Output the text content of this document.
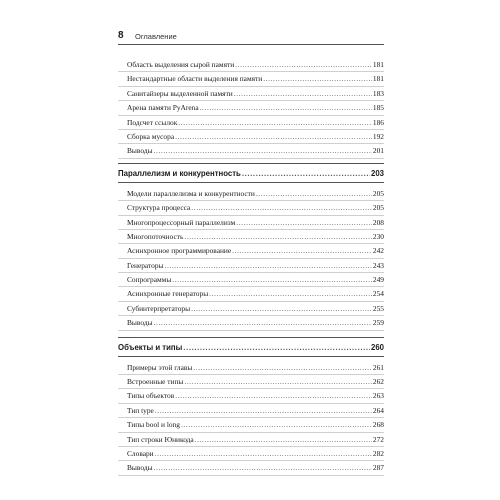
8 Оглавление
Область выделения сырой памяти .....	181
Нестандартные области выделения памяти .....	181
Санитайзеры выделенной памяти .....	183
Арена памяти PyArena .....	185
Подсчет ссылок .....	186
Сборка мусора .....	192
Выводы .....	201
Параллелизм и конкурентность .....	203
Модели параллелизма и конкурентности .....	205
Структура процесса .....	205
Многопроцессорный параллелизм .....	208
Многопоточность .....	230
Асинхронное программирование .....	242
Генераторы .....	243
Сопрограммы .....	249
Асинхронные генераторы .....	254
Субинтерпретаторы .....	255
Выводы .....	259
Объекты и типы .....	260
Примеры этой главы .....	261
Встроенные типы .....	262
Типы объектов .....	263
Тип type .....	264
Типы bool и long .....	268
Тип строки Юникода .....	272
Словари .....	282
Выводы .....	287
